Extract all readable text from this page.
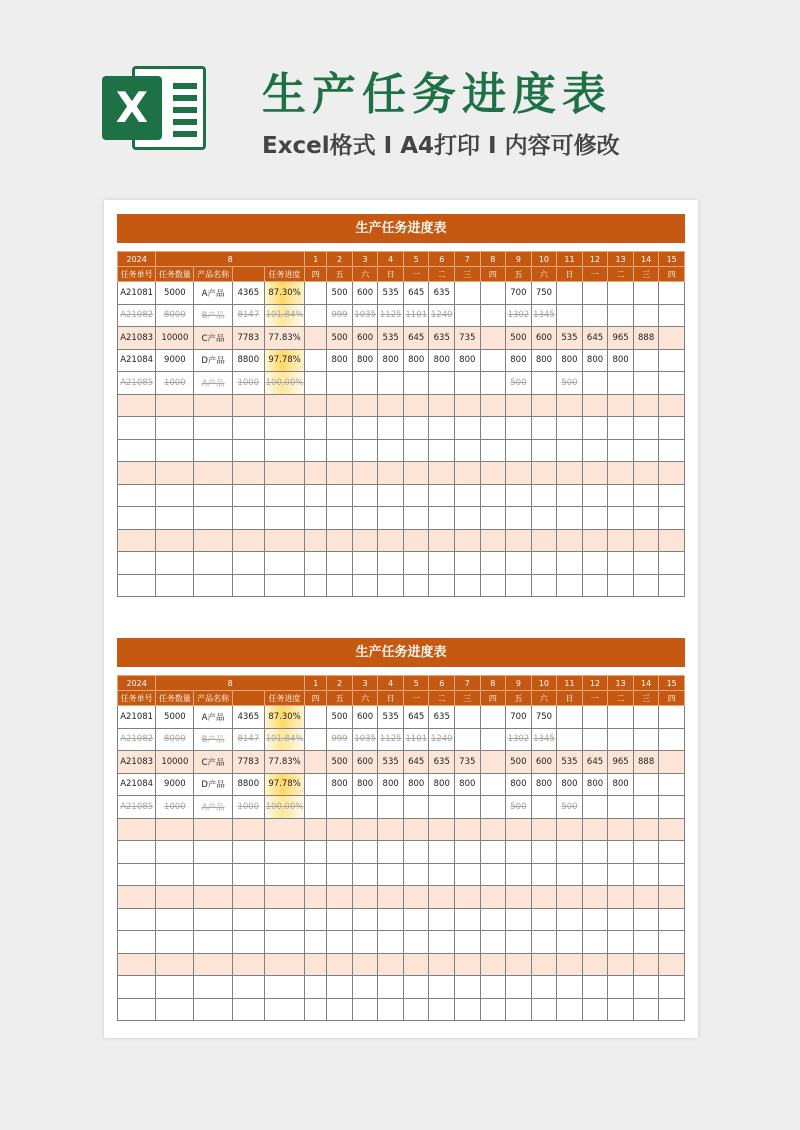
X	生产任务进度表
Excel格式 I A4打印 I 内容可修改
生产任务进度表
2024	8				1	2	3	4	5	6	7	8	9	10	11	12	13	14	15
任务单号	任务数量	产品名称		任务进度	四	五	六	日	一	二	三	四	五	六	日	一	二	三	四
A21081	5000	A产品	4365	87.30%		500	600	535	645	635			700	750					
A21082	8000	B产品	8147	101.84%		999	1035	1125	1101	1240			1302	1345					
A21083	10000	C产品	7783	77.83%		500	600	535	645	635	735		500	600	535	645	965	888	
A21084	9000	D产品	8800	97.78%		800	800	800	800	800	800		800	800	800	800	800		
A21085	1000	A产品	1000	100.00%									500		500				

生产任务进度表
2024	8				1	2	3	4	5	6	7	8	9	10	11	12	13	14	15
任务单号	任务数量	产品名称		任务进度	四	五	六	日	一	二	三	四	五	六	日	一	二	三	四
A21081	5000	A产品	4365	87.30%		500	600	535	645	635			700	750					
A21082	8000	B产品	8147	101.84%		999	1035	1125	1101	1240			1302	1345					
A21083	10000	C产品	7783	77.83%		500	600	535	645	635	735		500	600	535	645	965	888	
A21084	9000	D产品	8800	97.78%		800	800	800	800	800	800		800	800	800	800	800		
A21085	1000	A产品	1000	100.00%									500		500				
